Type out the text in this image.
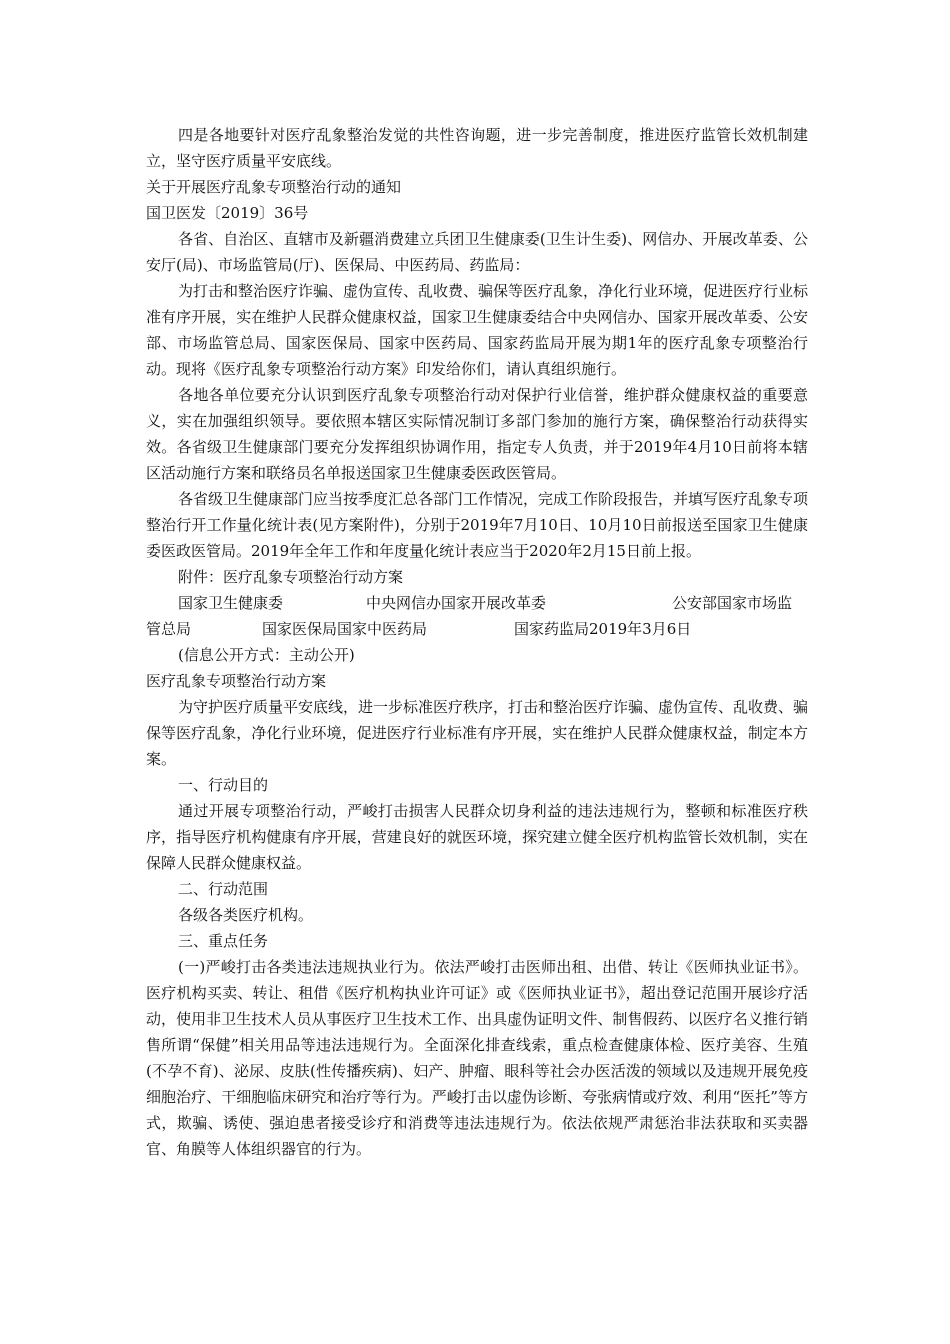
四是各地要针对医疗乱象整治发觉的共性咨询题，进一步完善制度，推进医疗监管长效机制建立，坚守医疗质量平安底线。

关于开展医疗乱象专项整治行动的通知

国卫医发〔2019〕36号

各省、自治区、直辖市及新疆消费建立兵团卫生健康委(卫生计生委)、网信办、开展改革委、公安厅(局)、市场监管局(厅)、医保局、中医药局、药监局：

为打击和整治医疗诈骗、虚伪宣传、乱收费、骗保等医疗乱象，净化行业环境，促进医疗行业标准有序开展，实在维护人民群众健康权益，国家卫生健康委结合中央网信办、国家开展改革委、公安部、市场监管总局、国家医保局、国家中医药局、国家药监局开展为期1年的医疗乱象专项整治行动。现将《医疗乱象专项整治行动方案》印发给你们，请认真组织施行。

各地各单位要充分认识到医疗乱象专项整治行动对保护行业信誉，维护群众健康权益的重要意义，实在加强组织领导。要依照本辖区实际情况制订多部门参加的施行方案，确保整治行动获得实效。各省级卫生健康部门要充分发挥组织协调作用，指定专人负责，并于2019年4月10日前将本辖区活动施行方案和联络员名单报送国家卫生健康委医政医管局。

各省级卫生健康部门应当按季度汇总各部门工作情况，完成工作阶段报告，并填写医疗乱象专项整治行开工作量化统计表(见方案附件)，分别于2019年7月10日、10月10日前报送至国家卫生健康委医政医管局。2019年全年工作和年度量化统计表应当于2020年2月15日前上报。

附件：医疗乱象专项整治行动方案

国家卫生健康委	中央网信办国家开展改革委	公安部国家市场监
管总局	国家医保局国家中医药局	国家药监局2019年3月6日

(信息公开方式：主动公开)

医疗乱象专项整治行动方案

为守护医疗质量平安底线，进一步标准医疗秩序，打击和整治医疗诈骗、虚伪宣传、乱收费、骗保等医疗乱象，净化行业环境，促进医疗行业标准有序开展，实在维护人民群众健康权益，制定本方案。

一、行动目的

通过开展专项整治行动，严峻打击损害人民群众切身利益的违法违规行为，整顿和标准医疗秩序，指导医疗机构健康有序开展，营建良好的就医环境，探究建立健全医疗机构监管长效机制，实在保障人民群众健康权益。

二、行动范围

各级各类医疗机构。

三、重点任务

(一)严峻打击各类违法违规执业行为。依法严峻打击医师出租、出借、转让《医师执业证书》。医疗机构买卖、转让、租借《医疗机构执业许可证》或《医师执业证书》，超出登记范围开展诊疗活动，使用非卫生技术人员从事医疗卫生技术工作、出具虚伪证明文件、制售假药、以医疗名义推行销售所谓“保健”相关用品等违法违规行为。全面深化排查线索，重点检查健康体检、医疗美容、生殖(不孕不育)、泌尿、皮肤(性传播疾病)、妇产、肿瘤、眼科等社会办医活泼的领域以及违规开展免疫细胞治疗、干细胞临床研究和治疗等行为。严峻打击以虚伪诊断、夸张病情或疗效、利用“医托”等方式，欺骗、诱使、强迫患者接受诊疗和消费等违法违规行为。依法依规严肃惩治非法获取和买卖器官、角膜等人体组织器官的行为。
